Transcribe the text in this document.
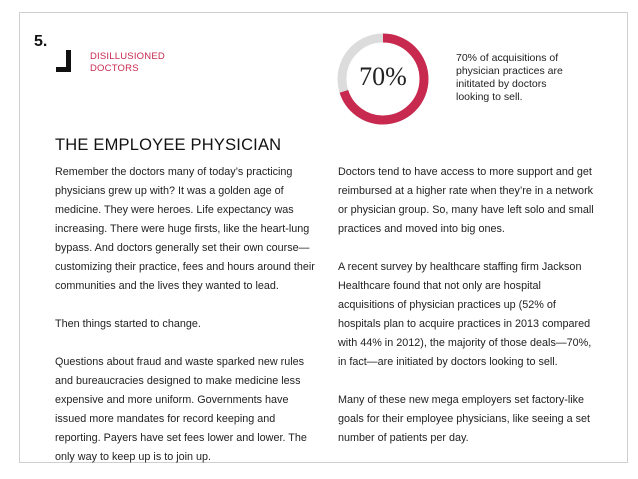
5.
DISILLUSIONED
DOCTORS	70%
70% of acquisitions of physician practices are inititated by doctors looking to sell.
THE EMPLOYEE PHYSICIAN

Remember the doctors many of today’s practicing physicians grew up with? It was a golden age of medicine. They were heroes. Life expectancy was increasing. There were huge firsts, like the heart-lung bypass. And doctors generally set their own course—customizing their practice, fees and hours around their communities and the lives they wanted to lead.

Then things started to change.

Questions about fraud and waste sparked new rules and bureaucracies designed to make medicine less expensive and more uniform. Governments have issued more mandates for record keeping and reporting. Payers have set fees lower and lower. The only way to keep up is to join up.

Doctors tend to have access to more support and get reimbursed at a higher rate when they’re in a network or physician group. So, many have left solo and small practices and moved into big ones.

A recent survey by healthcare staffing firm Jackson Healthcare found that not only are hospital acquisitions of physician practices up (52% of hospitals plan to acquire practices in 2013 compared with 44% in 2012), the majority of those deals—70%, in fact—are initiated by doctors looking to sell.

Many of these new mega employers set factory-like goals for their employee physicians, like seeing a set number of patients per day.
